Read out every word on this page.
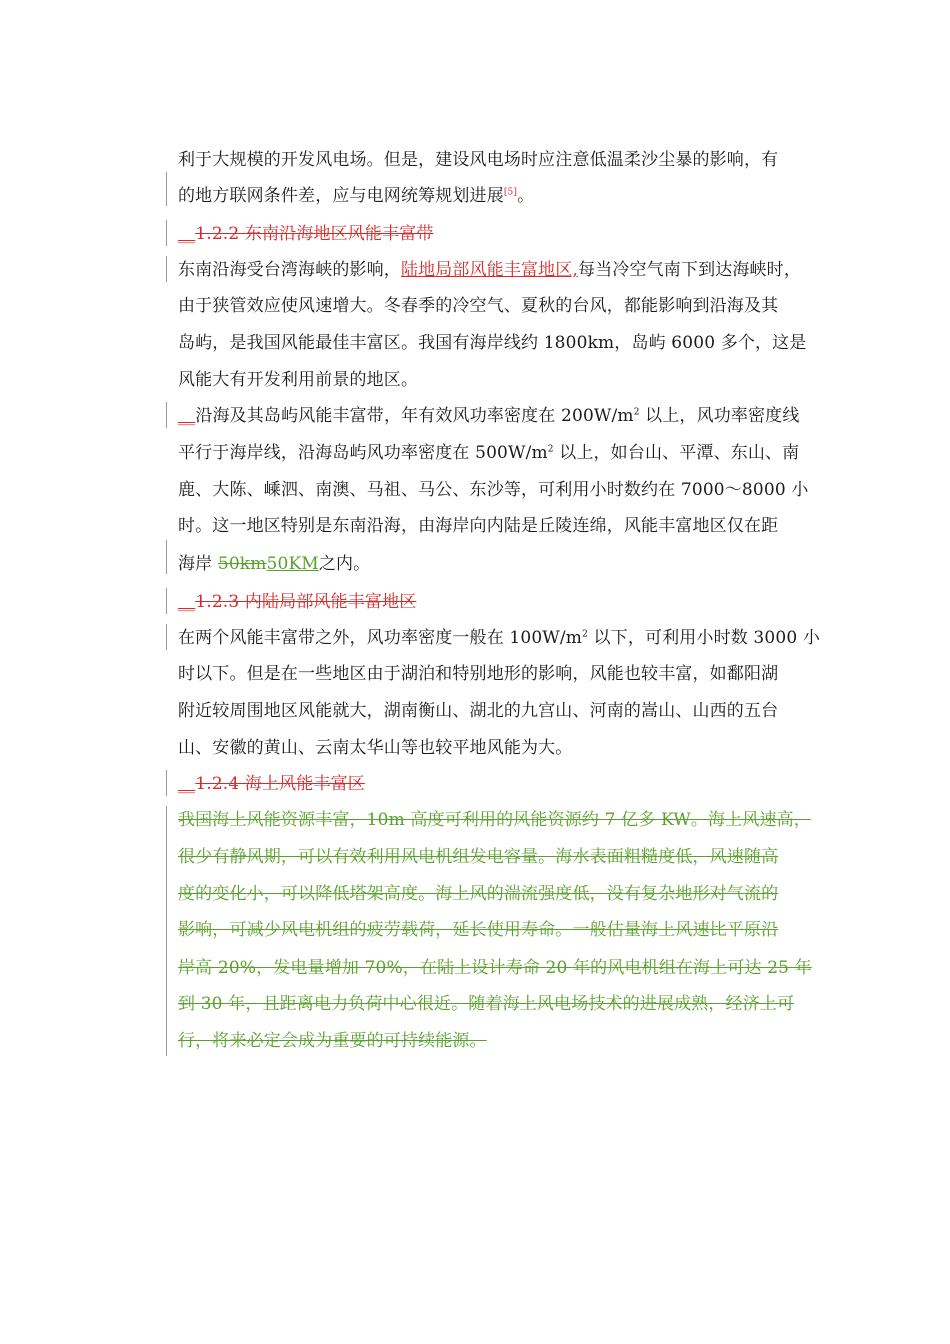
利于大规模的开发风电场。但是，建设风电场时应注意低温柔沙尘暴的影响，有
的地方联网条件差，应与电网统筹规划进展[5]。
__1.2.2 东南沿海地区风能丰富带
东南沿海受台湾海峡的影响，陆地局部风能丰富地区,每当冷空气南下到达海峡时，
由于狭管效应使风速增大。冬春季的冷空气、夏秋的台风，都能影响到沿海及其
岛屿，是我国风能最佳丰富区。我国有海岸线约 1800km，岛屿 6000 多个，这是
风能大有开发利用前景的地区。
__沿海及其岛屿风能丰富带，年有效风功率密度在 $200W/m^2$ 以上，风功率密度线
平行于海岸线，沿海岛屿风功率密度在 $500W/m^2$ 以上，如台山、平潭、东山、南
鹿、大陈、嵊泗、南澳、马祖、马公、东沙等，可利用小时数约在 7000～8000 小
时。这一地区特别是东南沿海，由海岸向内陆是丘陵连绵，风能丰富地区仅在距
海岸 50km50KM之内。
__1.2.3 内陆局部风能丰富地区
在两个风能丰富带之外，风功率密度一般在 $100W/m^2$ 以下，可利用小时数 3000 小
时以下。但是在一些地区由于湖泊和特别地形的影响，风能也较丰富，如鄱阳湖
附近较周围地区风能就大，湖南衡山、湖北的九宫山、河南的嵩山、山西的五台
山、安徽的黄山、云南太华山等也较平地风能为大。
__1.2.4 海上风能丰富区
我国海上风能资源丰富，10m 高度可利用的风能资源约 7 亿多 KW。海上风速高，
很少有静风期，可以有效利用风电机组发电容量。海水表面粗糙度低，风速随高
度的变化小，可以降低塔架高度。海上风的湍流强度低，没有复杂地形对气流的
影响，可减少风电机组的疲劳载荷，延长使用寿命。一般估量海上风速比平原沿
岸高 20%，发电量增加 70%，在陆上设计寿命 20 年的风电机组在海上可达 25 年
到 30 年，且距离电力负荷中心很近。随着海上风电场技术的进展成熟，经济上可
行，将来必定会成为重要的可持续能源。
